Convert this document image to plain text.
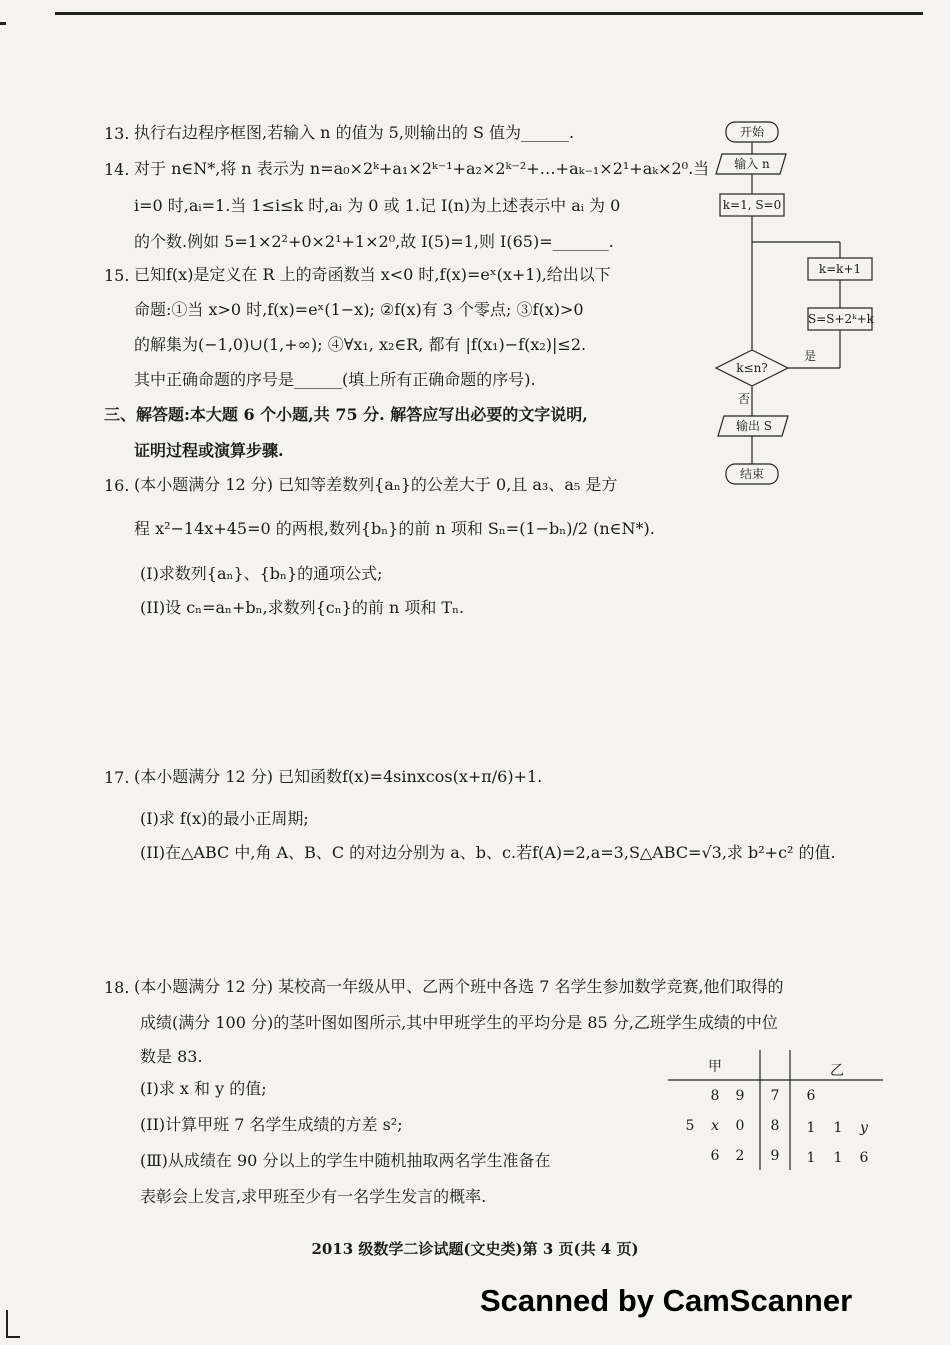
13. 执行右边程序框图,若输入 n 的值为 5,则输出的 S 值为______.
14. 对于 n∈N*,将 n 表示为 n=a₀×2ᵏ+a₁×2ᵏ⁻¹+a₂×2ᵏ⁻²+…+aₖ₋₁×2¹+aₖ×2⁰.当
i=0 时,aᵢ=1.当 1≤i≤k 时,aᵢ 为 0 或 1.记 I(n)为上述表示中 aᵢ 为 0
的个数.例如 5=1×2²+0×2¹+1×2⁰,故 I(5)=1,则 I(65)=_______.
15. 已知f(x)是定义在 R 上的奇函数当 x<0 时,f(x)=eˣ(x+1),给出以下
命题:①当 x>0 时,f(x)=eˣ(1−x); ②f(x)有 3 个零点; ③f(x)>0
的解集为(−1,0)∪(1,+∞); ④∀x₁, x₂∈R, 都有 |f(x₁)−f(x₂)|≤2.
其中正确命题的序号是______(填上所有正确命题的序号).
三、解答题:本大题 6 个小题,共 75 分. 解答应写出必要的文字说明,
证明过程或演算步骤.
16. (本小题满分 12 分) 已知等差数列{aₙ}的公差大于 0,且 a₃、a₅ 是方
程 x²−14x+45=0 的两根,数列{bₙ}的前 n 项和 Sₙ=(1−bₙ)/2 (n∈N*).
(Ⅰ)求数列{aₙ}、{bₙ}的通项公式;
(II)设 cₙ=aₙ+bₙ,求数列{cₙ}的前 n 项和 Tₙ.
17. (本小题满分 12 分) 已知函数f(x)=4sinxcos(x+π/6)+1.
(I)求 f(x)的最小正周期;
(II)在△ABC 中,角 A、B、C 的对边分别为 a、b、c.若f(A)=2,a=3,S△ABC=√3,求 b²+c² 的值.
18. (本小题满分 12 分) 某校高一年级从甲、乙两个班中各选 7 名学生参加数学竞赛,他们取得的
成绩(满分 100 分)的茎叶图如图所示,其中甲班学生的平均分是 85 分,乙班学生成绩的中位
数是 83.
(I)求 x 和 y 的值;
(II)计算甲班 7 名学生成绩的方差 s²;
(Ⅲ)从成绩在 90 分以上的学生中随机抽取两名学生准备在
表彰会上发言,求甲班至少有一名学生发言的概率.
开始
输入 n
k=1, S=0
k=k+1
S=S+2ᵏ+k
k≤n?
是
否
输出 S
结束
甲	乙
8	9	7	6
5	x	0	8	1	1	y
6	2	9	1	1	6
2013 级数学二诊试题(文史类)第 3 页(共 4 页)
Scanned by CamScanner
